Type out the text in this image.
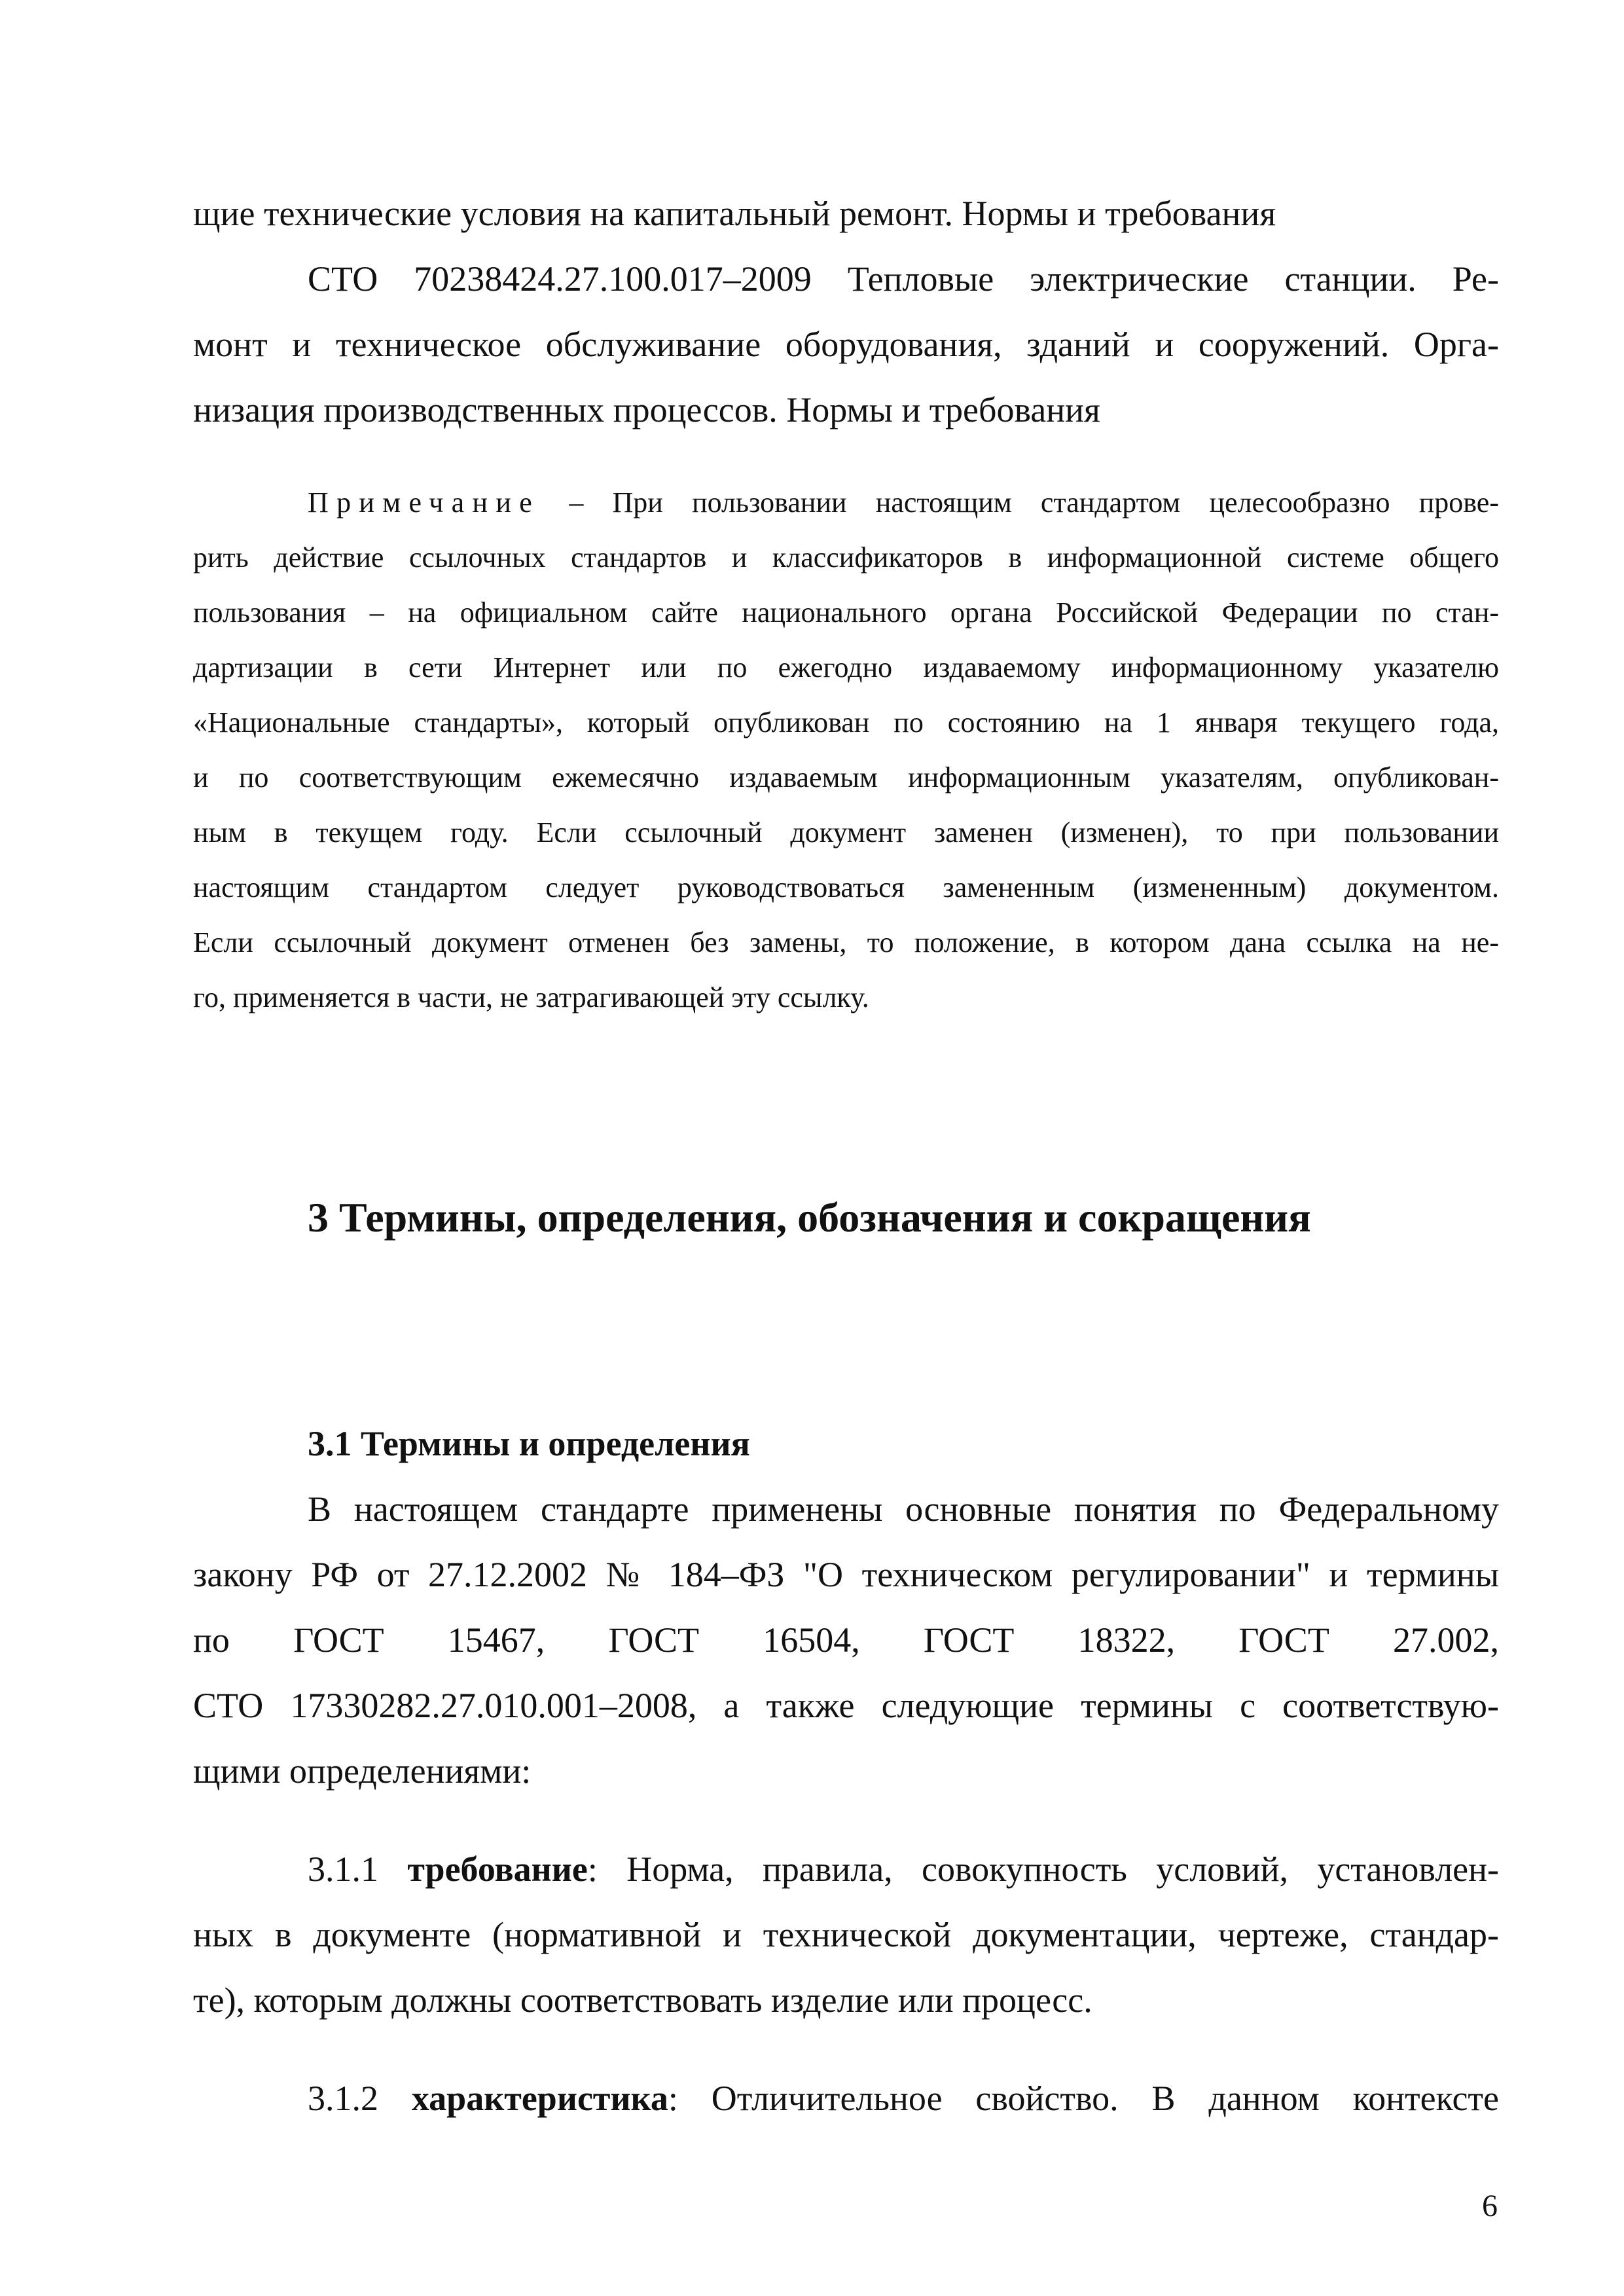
щие технические условия на капитальный ремонт. Нормы и требования
СТО 70238424.27.100.017–2009 Тепловые электрические станции. Ре-
монт и техническое обслуживание оборудования, зданий и сооружений. Орга-
низация производственных процессов. Нормы и требования
Примечание – При пользовании настоящим стандартом целесообразно прове-
рить действие ссылочных стандартов и классификаторов в информационной системе общего
пользования – на официальном сайте национального органа Российской Федерации по стан-
дартизации в сети Интернет или по ежегодно издаваемому информационному указателю
«Национальные стандарты», который опубликован по состоянию на 1 января текущего года,
и по соответствующим ежемесячно издаваемым информационным указателям, опубликован-
ным в текущем году. Если ссылочный документ заменен (изменен), то при пользовании
настоящим стандартом следует руководствоваться замененным (измененным) документом.
Если ссылочный документ отменен без замены, то положение, в котором дана ссылка на не-
го, применяется в части, не затрагивающей эту ссылку.
3 Термины, определения, обозначения и сокращения
3.1 Термины и определения
В настоящем стандарте применены основные понятия по Федеральному
закону РФ от 27.12.2002 № 184–ФЗ "О техническом регулировании" и термины
по ГОСТ 15467, ГОСТ 16504, ГОСТ 18322, ГОСТ 27.002,
СТО 17330282.27.010.001–2008, а также следующие термины с соответствую-
щими определениями:
3.1.1 требование: Норма, правила, совокупность условий, установлен-
ных в документе (нормативной и технической документации, чертеже, стандар-
те), которым должны соответствовать изделие или процесс.
3.1.2 характеристика: Отличительное свойство. В данном контексте
6
